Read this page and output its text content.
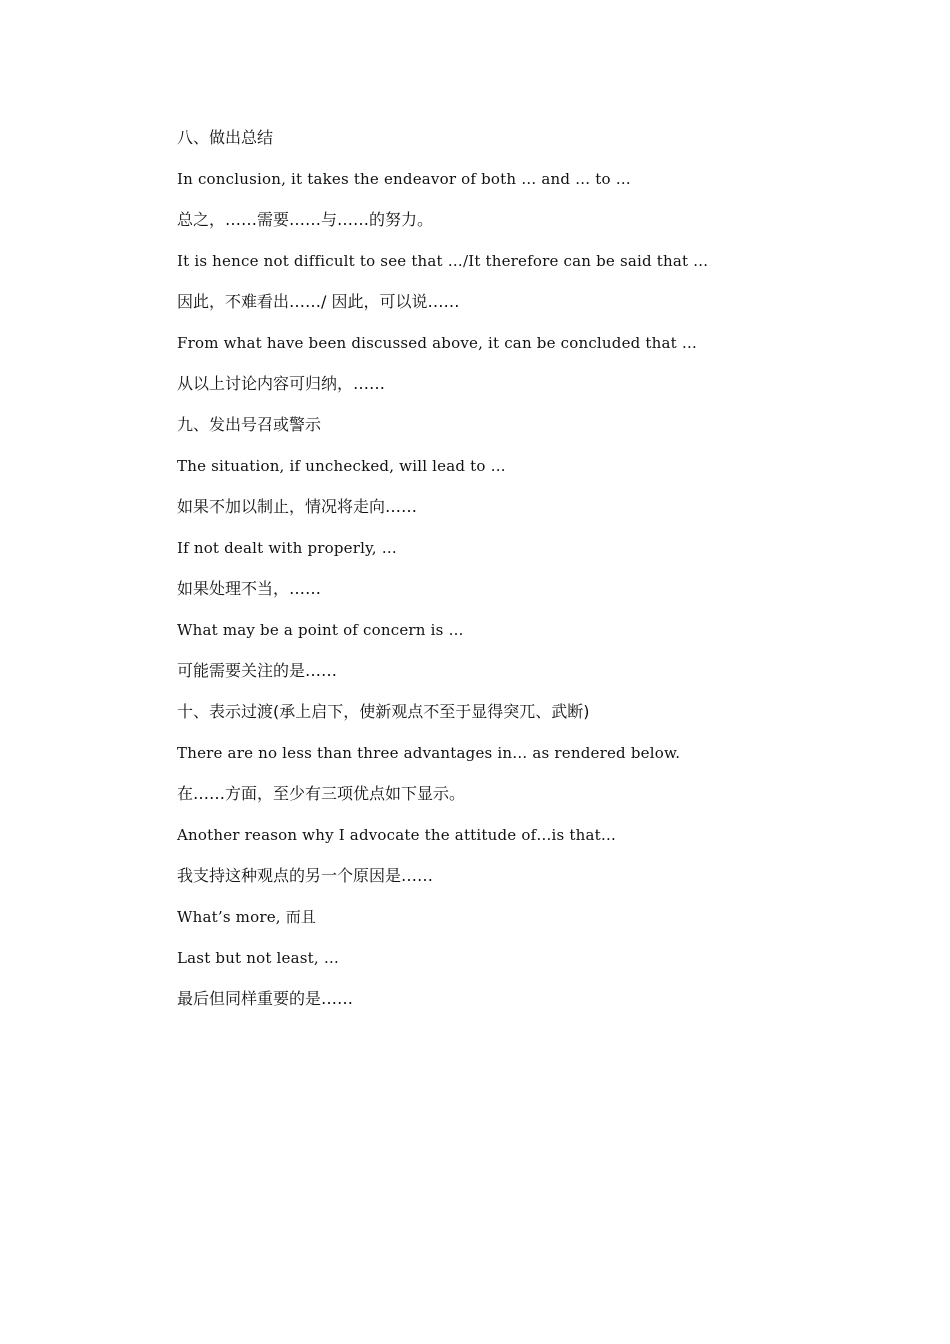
八、做出总结
In conclusion, it takes the endeavor of both … and … to …
总之，……需要……与……的努力。
It is hence not difficult to see that …/It therefore can be said that …
因此，不难看出……/ 因此，可以说……
From what have been discussed above, it can be concluded that …
从以上讨论内容可归纳，……
九、发出号召或警示
The situation, if unchecked, will lead to …
如果不加以制止，情况将走向……
If not dealt with properly, …
如果处理不当，……
What may be a point of concern is …
可能需要关注的是……
十、表示过渡(承上启下，使新观点不至于显得突兀、武断)
There are no less than three advantages in… as rendered below.
在……方面，至少有三项优点如下显示。
Another reason why I advocate the attitude of…is that…
我支持这种观点的另一个原因是……
What’s more, 而且
Last but not least, …
最后但同样重要的是……
